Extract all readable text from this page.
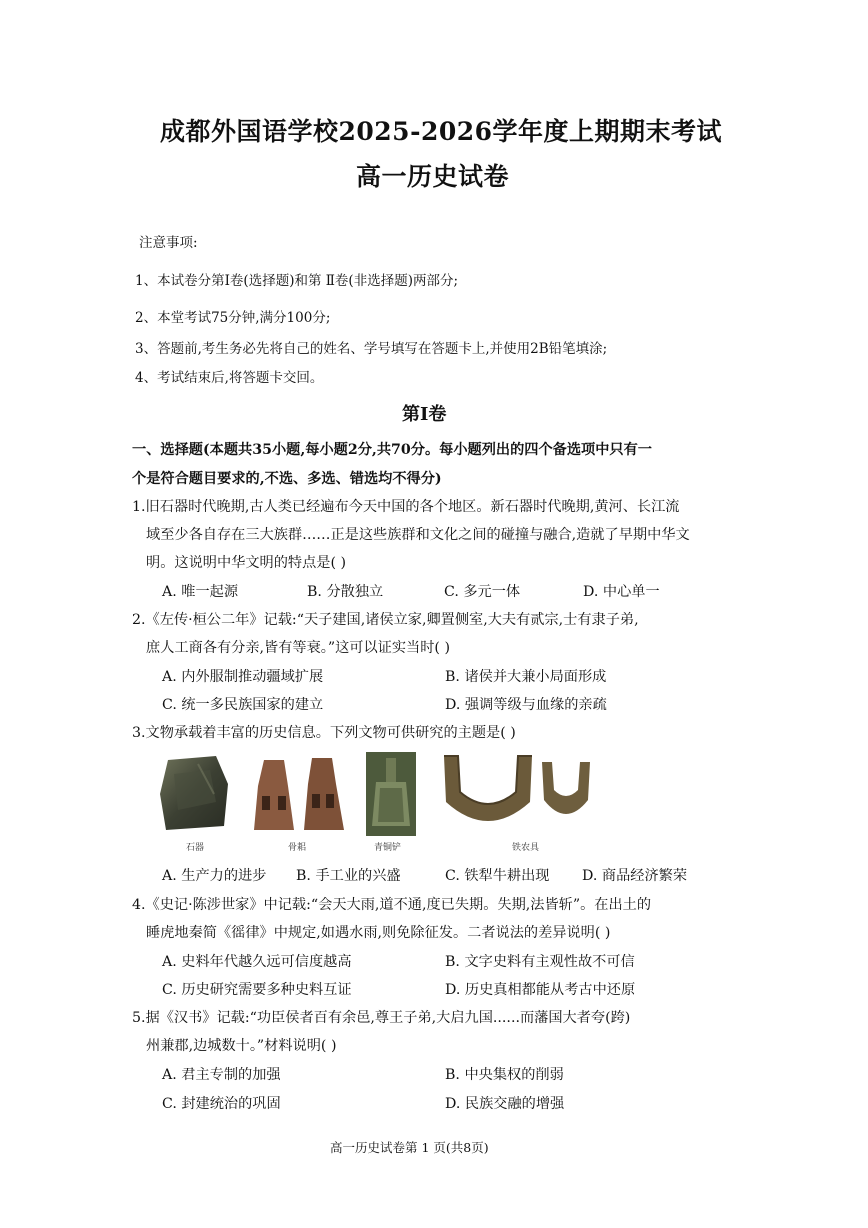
成都外国语学校2025-2026学年度上期期末考试
高一历史试卷
注意事项:
1、本试卷分第Ⅰ卷(选择题)和第 Ⅱ卷(非选择题)两部分;
2、本堂考试75分钟,满分100分;
3、答题前,考生务必先将自己的姓名、学号填写在答题卡上,并使用2B铅笔填涂;
4、考试结束后,将答题卡交回。
第Ⅰ卷
一、选择题(本题共35小题,每小题2分,共70分。每小题列出的四个备选项中只有一
个是符合题目要求的,不选、多选、错选均不得分)
1.旧石器时代晚期,古人类已经遍布今天中国的各个地区。新石器时代晚期,黄河、长江流
域至少各自存在三大族群……正是这些族群和文化之间的碰撞与融合,造就了早期中华文
明。这说明中华文明的特点是( )
A. 唯一起源	B. 分散独立	C. 多元一体	D. 中心单一
2.《左传·桓公二年》记载:“天子建国,诸侯立家,卿置侧室,大夫有贰宗,士有隶子弟,
庶人工商各有分亲,皆有等衰。”这可以证实当时( )
A. 内外服制推动疆域扩展	B. 诸侯并大兼小局面形成
C. 统一多民族国家的建立	D. 强调等级与血缘的亲疏
3.文物承载着丰富的历史信息。下列文物可供研究的主题是( )
石器	骨耜	青铜铲	铁农具
A. 生产力的进步 B. 手工业的兴盛	C. 铁犁牛耕出现 D. 商品经济繁荣
4.《史记·陈涉世家》中记载:“会天大雨,道不通,度已失期。失期,法皆斩”。在出土的
睡虎地秦简《徭律》中规定,如遇水雨,则免除征发。二者说法的差异说明( )
A. 史料年代越久远可信度越高	B. 文字史料有主观性故不可信
C. 历史研究需要多种史料互证	D. 历史真相都能从考古中还原
5.据《汉书》记载:“功臣侯者百有余邑,尊王子弟,大启九国......而藩国大者夸(跨)
州兼郡,边城数十。”材料说明( )
A. 君主专制的加强	B. 中央集权的削弱
C. 封建统治的巩固	D. 民族交融的增强
高一历史试卷第 1 页(共8页)
